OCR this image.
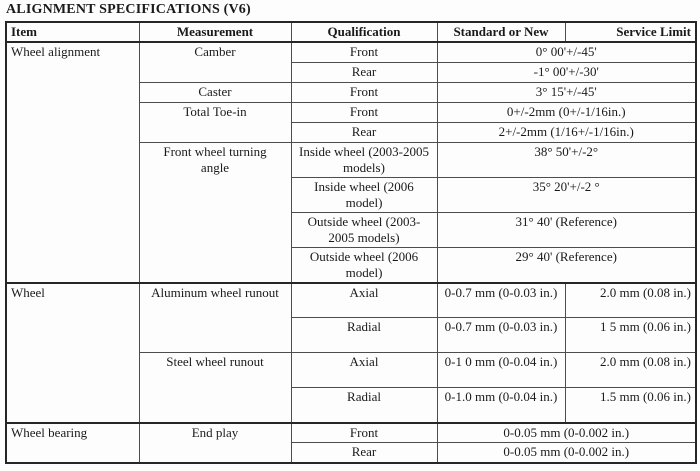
ALIGNMENT SPECIFICATIONS (V6)
Item	Measurement	Qualification	Standard or New	Service Limit
Wheel alignment	Camber	Front	0° 00'+/-45'	
		Rear	-1° 00'+/-30'	
	Caster	Front	3° 15'+/-45'	
	Total Toe-in	Front	0+/-2mm (0+/-1/16in.)	
		Rear	2+/-2mm (1/16+/-1/16in.)	
	Front wheel turning angle	Inside wheel (2003-2005 models)	38° 50'+/-2°	
		Inside wheel (2006 model)	35° 20'+/-2 °	
		Outside wheel (2003-2005 models)	31° 40' (Reference)	
		Outside wheel (2006 model)	29° 40' (Reference)	
Wheel	Aluminum wheel runout	Axial	0-0.7 mm (0-0.03 in.)	2.0 mm (0.08 in.)
		Radial	0-0.7 mm (0-0.03 in.)	1 5 mm (0.06 in.)
	Steel wheel runout	Axial	0-1 0 mm (0-0.04 in.)	2.0 mm (0.08 in.)
		Radial	0-1.0 mm (0-0.04 in.)	1.5 mm (0.06 in.)
Wheel bearing	End play	Front	0-0.05 mm (0-0.002 in.)	
		Rear	0-0.05 mm (0-0.002 in.)	
